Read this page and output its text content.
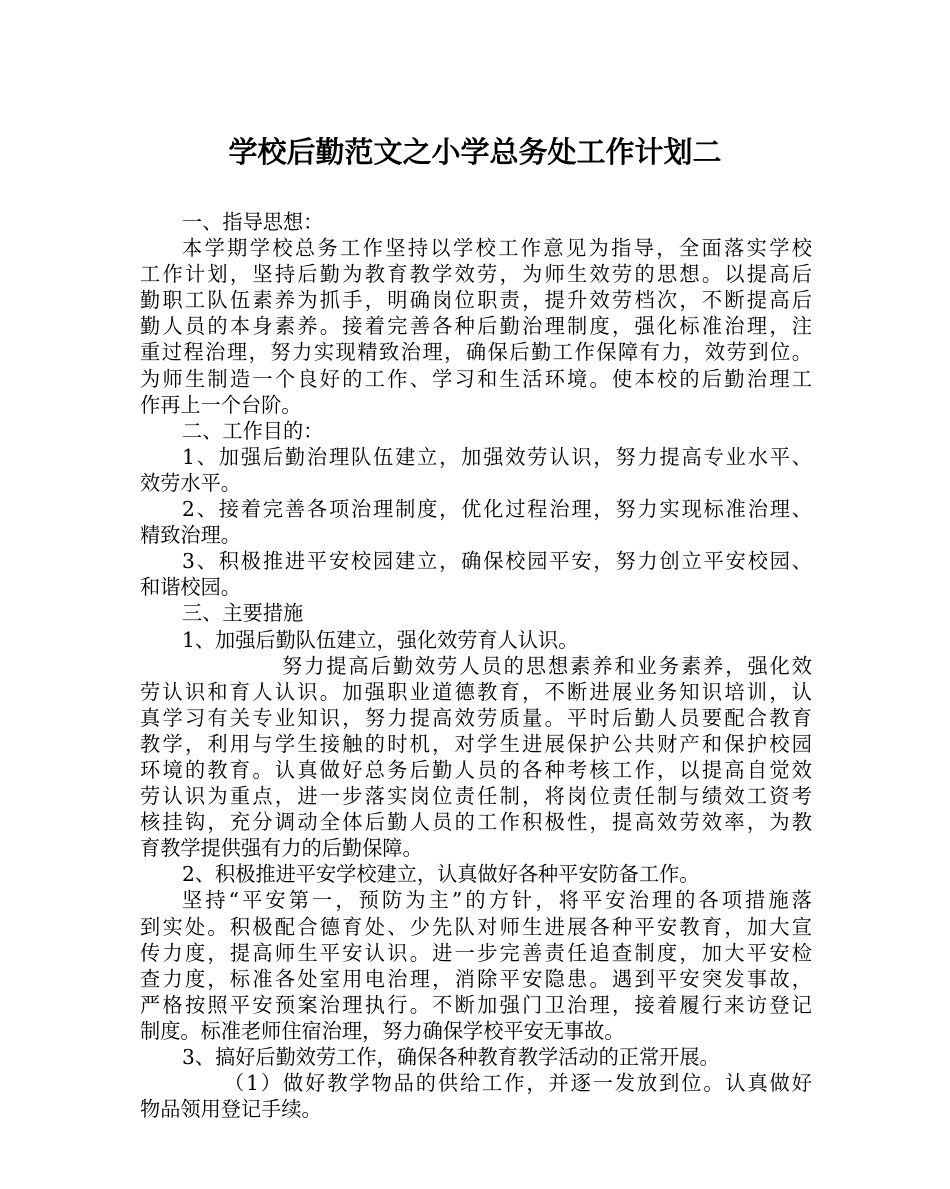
学校后勤范文之小学总务处工作计划二
一、指导思想：
本学期学校总务工作坚持以学校工作意见为指导，全面落实学校
工作计划，坚持后勤为教育教学效劳，为师生效劳的思想。以提高后
勤职工队伍素养为抓手，明确岗位职责，提升效劳档次，不断提高后
勤人员的本身素养。接着完善各种后勤治理制度，强化标准治理，注
重过程治理，努力实现精致治理，确保后勤工作保障有力，效劳到位。
为师生制造一个良好的工作、学习和生活环境。使本校的后勤治理工
作再上一个台阶。
二、工作目的：
1、加强后勤治理队伍建立，加强效劳认识，努力提高专业水平、
效劳水平。
2、接着完善各项治理制度，优化过程治理，努力实现标准治理、
精致治理。
3、积极推进平安校园建立，确保校园平安，努力创立平安校园、
和谐校园。
三、主要措施
1、加强后勤队伍建立，强化效劳育人认识。
努力提高后勤效劳人员的思想素养和业务素养，强化效
劳认识和育人认识。加强职业道德教育，不断进展业务知识培训，认
真学习有关专业知识，努力提高效劳质量。平时后勤人员要配合教育
教学，利用与学生接触的时机，对学生进展保护公共财产和保护校园
环境的教育。认真做好总务后勤人员的各种考核工作，以提高自觉效
劳认识为重点，进一步落实岗位责任制，将岗位责任制与绩效工资考
核挂钩，充分调动全体后勤人员的工作积极性，提高效劳效率，为教
育教学提供强有力的后勤保障。
2、积极推进平安学校建立，认真做好各种平安防备工作。
坚持“平安第一，预防为主”的方针，将平安治理的各项措施落
到实处。积极配合德育处、少先队对师生进展各种平安教育，加大宣
传力度，提高师生平安认识。进一步完善责任追查制度，加大平安检
查力度，标准各处室用电治理，消除平安隐患。遇到平安突发事故，
严格按照平安预案治理执行。不断加强门卫治理，接着履行来访登记
制度。标准老师住宿治理，努力确保学校平安无事故。
3、搞好后勤效劳工作，确保各种教育教学活动的正常开展。
（1）做好教学物品的供给工作，并逐一发放到位。认真做好
物品领用登记手续。
